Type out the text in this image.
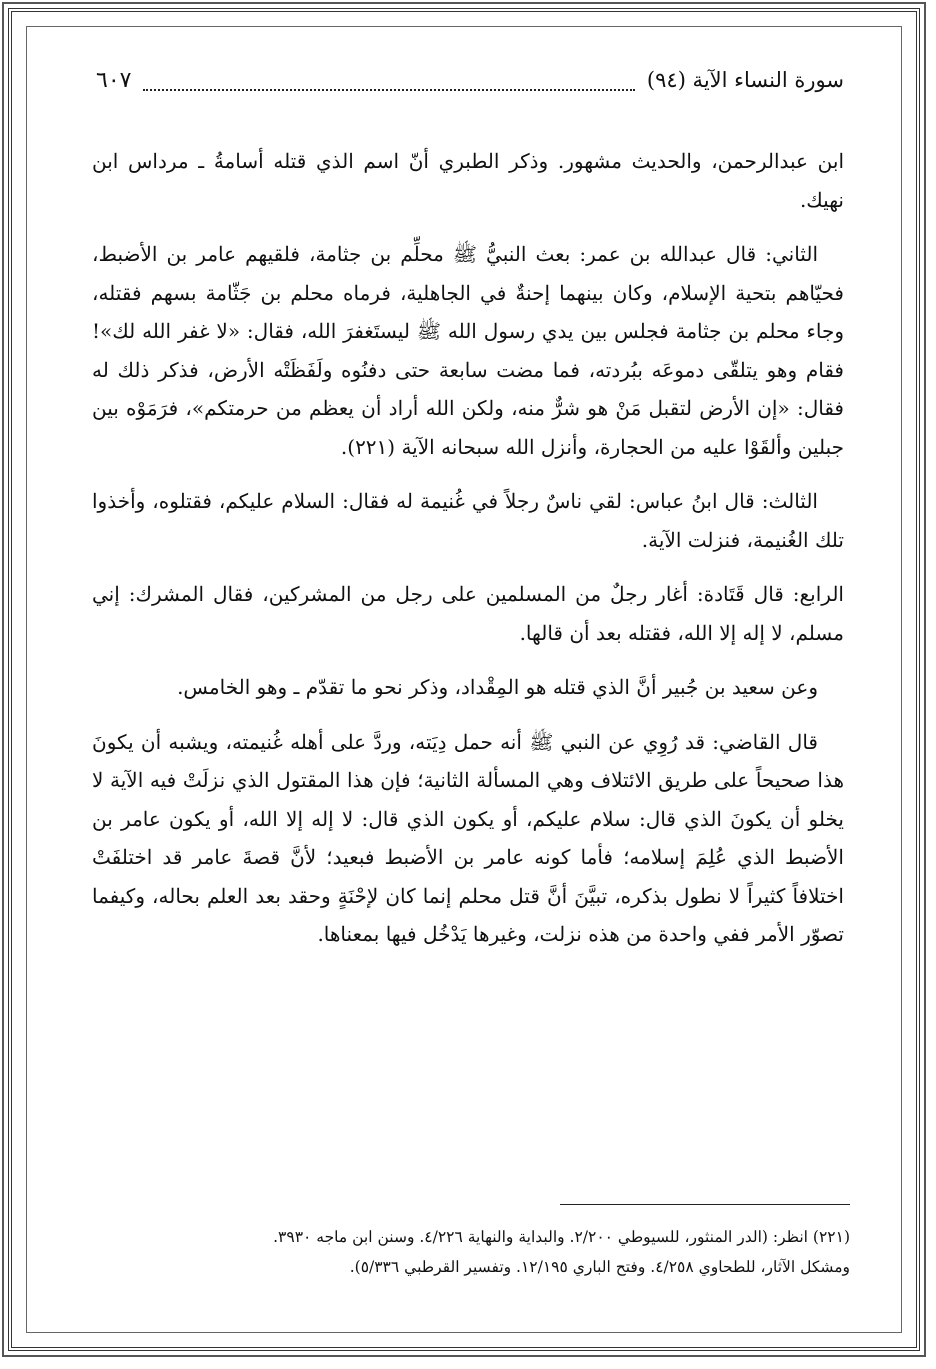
سورة النساء الآية (٩٤)
٦٠٧

ابن عبدالرحمن، والحديث مشهور. وذكر الطبري أنّ اسم الذي قتله أسامةُ ـ مرداس ابن نهيك.

الثاني: قال عبدالله بن عمر: بعث النبيُّ ﷺ محلِّم بن جثامة، فلقيهم عامر بن الأضبط، فحيّاهم بتحية الإسلام، وكان بينهما إحنةٌ في الجاهلية، فرماه محلم بن جَثّامة بسهم فقتله، وجاء محلم بن جثامة فجلس بين يدي رسول الله ﷺ ليستَغفرَ الله، فقال: «لا غفر الله لك»! فقام وهو يتلقّى دموعَه ببُردته، فما مضت سابعة حتى دفنُوه ولَفَظَتْه الأرض، فذكر ذلك له فقال: «إن الأرض لتقبل مَنْ هو شرٌّ منه، ولكن الله أراد أن يعظم من حرمتكم»، فرَمَوْه بين جبلين وألقَوْا عليه من الحجارة، وأنزل الله سبحانه الآية (٢٢١).

الثالث: قال ابنُ عباس: لقي ناسٌ رجلاً في غُنيمة له فقال: السلام عليكم، فقتلوه، وأخذوا تلك الغُنيمة، فنزلت الآية.

الرابع: قال قَتَادة: أغار رجلٌ من المسلمين على رجل من المشركين، فقال المشرك: إني مسلم، لا إله إلا الله، فقتله بعد أن قالها.

وعن سعيد بن جُبير أنَّ الذي قتله هو المِقْداد، وذكر نحو ما تقدّم ـ وهو الخامس.

قال القاضي: قد رُوِي عن النبي ﷺ أنه حمل دِيَته، وردَّ على أهله غُنيمته، ويشبه أن يكونَ هذا صحيحاً على طريق الائتلاف وهي المسألة الثانية؛ فإن هذا المقتول الذي نزلَتْ فيه الآية لا يخلو أن يكونَ الذي قال: سلام عليكم، أو يكون الذي قال: لا إله إلا الله، أو يكون عامر بن الأضبط الذي عُلِمَ إسلامه؛ فأما كونه عامر بن الأضبط فبعيد؛ لأنَّ قصةَ عامر قد اختلفَتْ اختلافاً كثيراً لا نطول بذكره، تبيَّنَ أنَّ قتل محلم إنما كان لإحْنَةٍ وحقد بعد العلم بحاله، وكيفما تصوّر الأمر ففي واحدة من هذه نزلت، وغيرها يَدْخُل فيها بمعناها.

(٢٢١) انظر: (الدر المنثور، للسيوطي ٢/٢٠٠. والبداية والنهاية ٤/٢٢٦. وسنن ابن ماجه ٣٩٣٠.

ومشكل الآثار، للطحاوي ٤/٢٥٨. وفتح الباري ١٢/١٩٥. وتفسير القرطبي ٥/٣٣٦).
